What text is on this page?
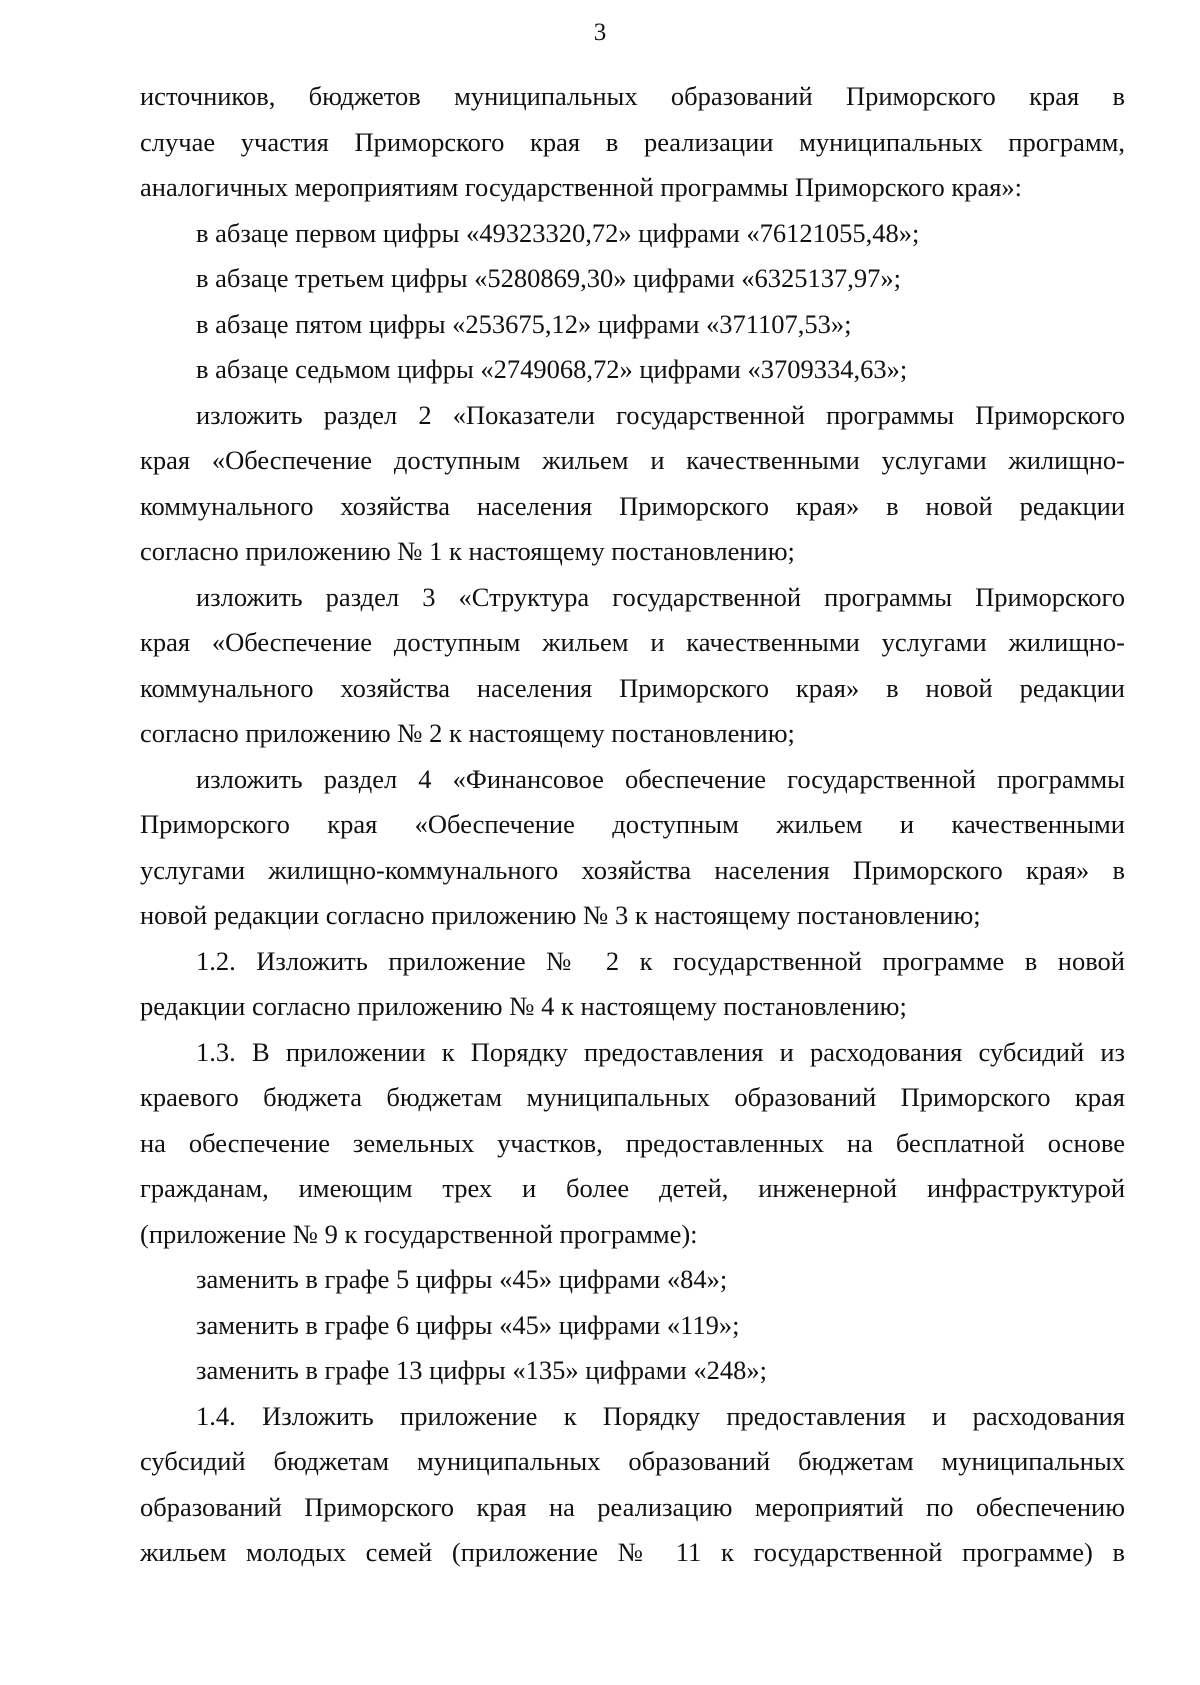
3
источников, бюджетов муниципальных образований Приморского края в
случае участия Приморского края в реализации муниципальных программ,
аналогичных мероприятиям государственной программы Приморского края»:
в абзаце первом цифры «49323320,72» цифрами «76121055,48»;
в абзаце третьем цифры «5280869,30» цифрами «6325137,97»;
в абзаце пятом цифры «253675,12» цифрами «371107,53»;
в абзаце седьмом цифры «2749068,72» цифрами «3709334,63»;
изложить раздел 2 «Показатели государственной программы Приморского
края «Обеспечение доступным жильем и качественными услугами жилищно-
коммунального хозяйства населения Приморского края» в новой редакции
согласно приложению № 1 к настоящему постановлению;
изложить раздел 3 «Структура государственной программы Приморского
края «Обеспечение доступным жильем и качественными услугами жилищно-
коммунального хозяйства населения Приморского края» в новой редакции
согласно приложению № 2 к настоящему постановлению;
изложить раздел 4 «Финансовое обеспечение государственной программы
Приморского края «Обеспечение доступным жильем и качественными
услугами жилищно-коммунального хозяйства населения Приморского края» в
новой редакции согласно приложению № 3 к настоящему постановлению;
1.2. Изложить приложение № 2 к государственной программе в новой
редакции согласно приложению № 4 к настоящему постановлению;
1.3. В приложении к Порядку предоставления и расходования субсидий из
краевого бюджета бюджетам муниципальных образований Приморского края
на обеспечение земельных участков, предоставленных на бесплатной основе
гражданам, имеющим трех и более детей, инженерной инфраструктурой
(приложение № 9 к государственной программе):
заменить в графе 5 цифры «45» цифрами «84»;
заменить в графе 6 цифры «45» цифрами «119»;
заменить в графе 13 цифры «135» цифрами «248»;
1.4. Изложить приложение к Порядку предоставления и расходования
субсидий бюджетам муниципальных образований бюджетам муниципальных
образований Приморского края на реализацию мероприятий по обеспечению
жильем молодых семей (приложение № 11 к государственной программе) в
